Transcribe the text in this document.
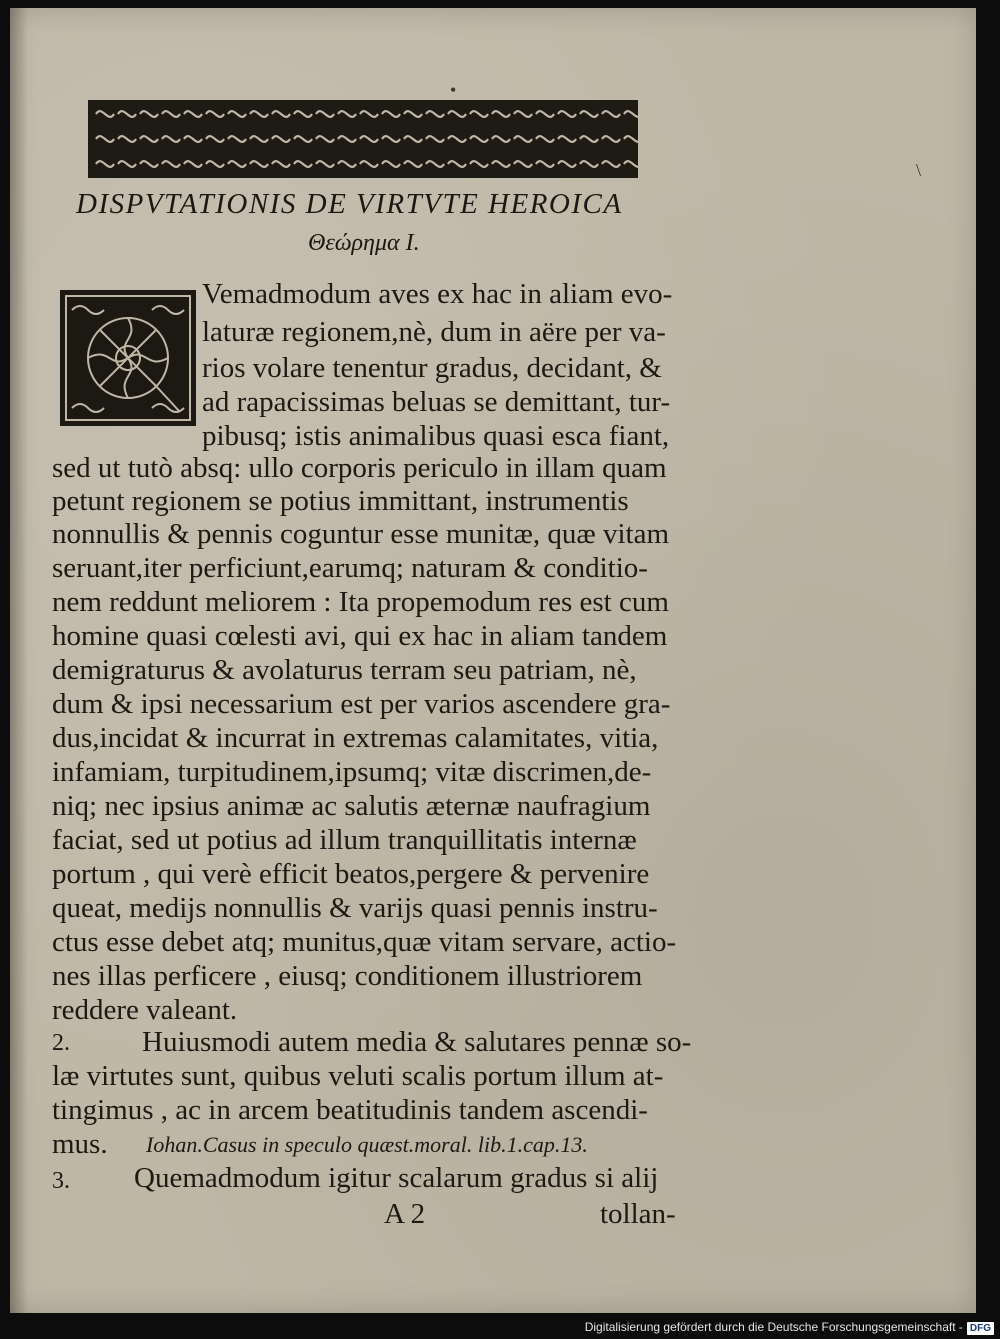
DISPVTATIONIS DE VIRTVTE HEROICA
Θεώρημα I.
Vemadmodum aves ex hac in aliam evo-
laturæ regionem,nè, dum in aëre per va-
rios volare tenentur gradus, decidant, &
ad rapacissimas beluas se demittant, tur-
pibusq; istis animalibus quasi esca fiant,
sed ut tutò absq: ullo corporis periculo in illam quam
petunt regionem se potius immittant, instrumentis
nonnullis & pennis coguntur esse munitæ, quæ vitam
seruant,iter perficiunt,earumq; naturam & conditio-
nem reddunt meliorem : Ita propemodum res est cum
homine quasi cœlesti avi, qui ex hac in aliam tandem
demigraturus & avolaturus terram seu patriam, nè,
dum & ipsi necessarium est per varios ascendere gra-
dus,incidat & incurrat in extremas calamitates, vitia,
infamiam, turpitudinem,ipsumq; vitæ discrimen,de-
niq; nec ipsius animæ ac salutis æternæ naufragium
faciat, sed ut potius ad illum tranquillitatis internæ
portum , qui verè efficit beatos,pergere & pervenire
queat, medijs nonnullis & varijs quasi pennis instru-
ctus esse debet atq; munitus,quæ vitam servare, actio-
nes illas perficere , eiusq; conditionem illustriorem
reddere valeant.
2. Huiusmodi autem media & salutares pennæ so-
læ virtutes sunt, quibus veluti scalis portum illum at-
tingimus , ac in arcem beatitudinis tandem ascendi-
mus. Iohan.Casus in speculo quæst.moral. lib.1.cap.13.
3. Quemadmodum igitur scalarum gradus si alij
A 2	tollan-
•
\
Digitalisierung gefördert durch die Deutsche Forschungsgemeinschaft - DFG
